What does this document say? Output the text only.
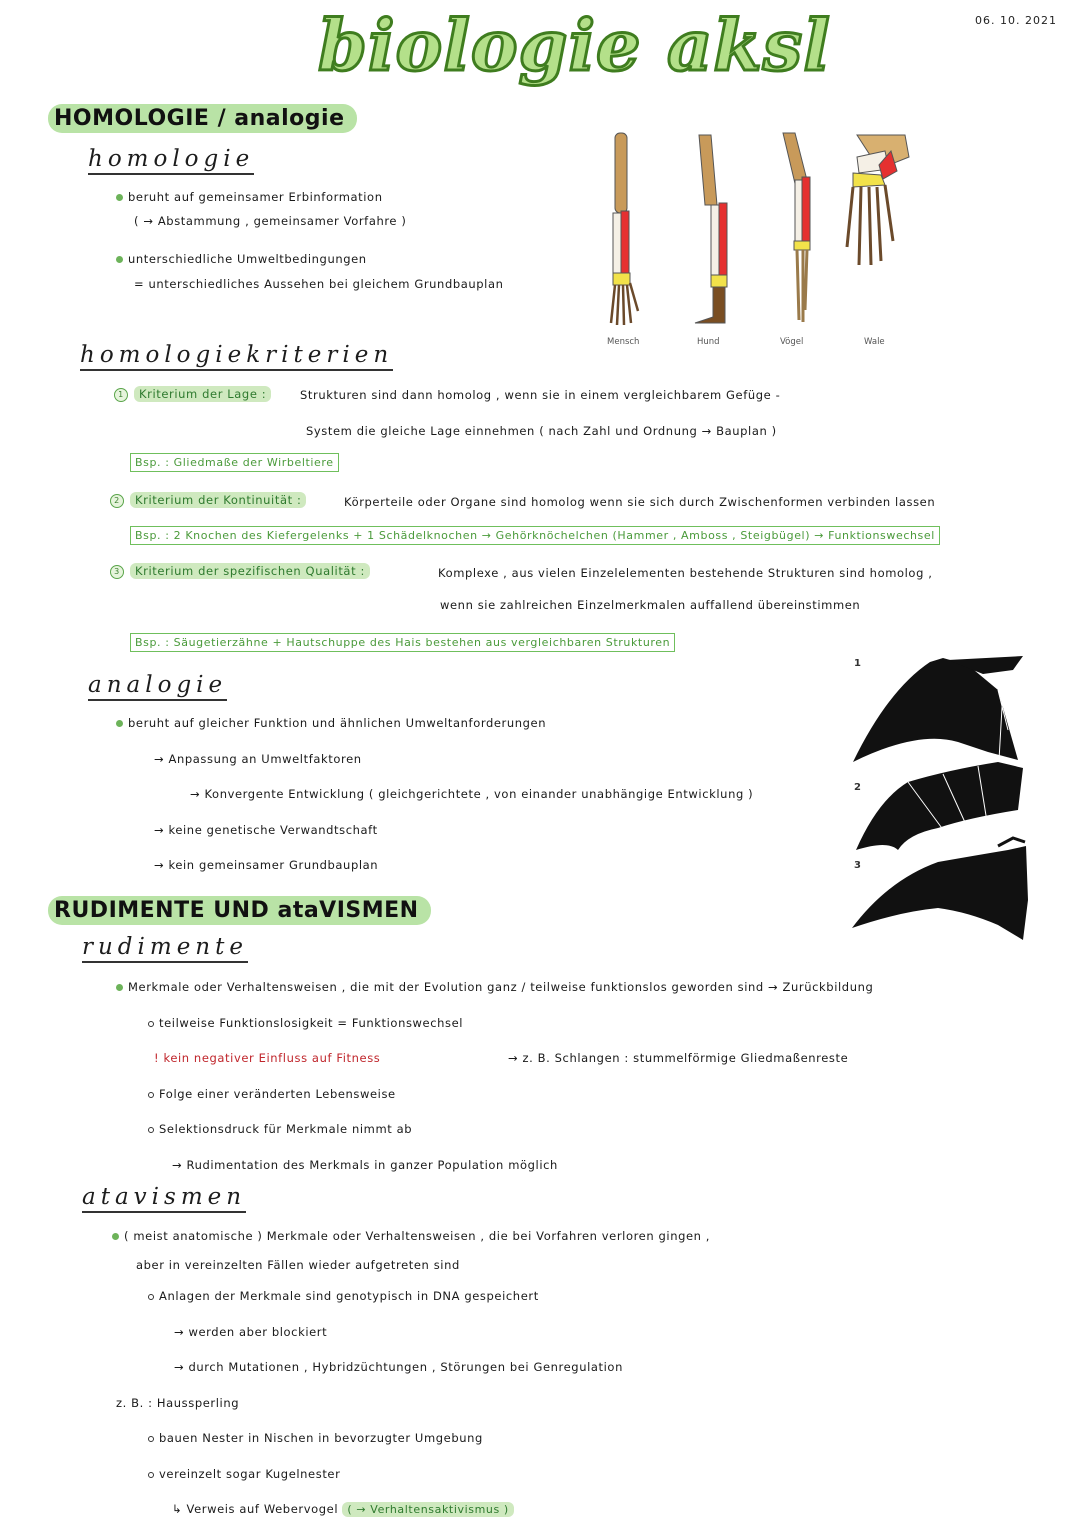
biologie aksl	06. 10. 2021
HOMOLOGIE / analogie
homologie
beruht auf gemeinsamer Erbinformation
( → Abstammung , gemeinsamer Vorfahre )
unterschiedliche Umweltbedingungen
= unterschiedliches Aussehen bei gleichem Grundbauplan
Mensch	Hund	Vögel	Wale
homologiekriterien
1 Kriterium der Lage :	Strukturen sind dann homolog , wenn sie in einem vergleichbarem Gefüge -
System die gleiche Lage einnehmen ( nach Zahl und Ordnung → Bauplan )
Bsp. : Gliedmaße der Wirbeltiere
2 Kriterium der Kontinuität :	Körperteile oder Organe sind homolog wenn sie sich durch Zwischenformen verbinden lassen
Bsp. : 2 Knochen des Kiefergelenks + 1 Schädelknochen → Gehörknöchelchen (Hammer , Amboss , Steigbügel) → Funktionswechsel
3 Kriterium der spezifischen Qualität :	Komplexe , aus vielen Einzelelementen bestehende Strukturen sind homolog ,
wenn sie zahlreichen Einzelmerkmalen auffallend übereinstimmen
Bsp. : Säugetierzähne + Hautschuppe des Hais bestehen aus vergleichbaren Strukturen
analogie
beruht auf gleicher Funktion und ähnlichen Umweltanforderungen
→ Anpassung an Umweltfaktoren
→ Konvergente Entwicklung ( gleichgerichtete , von einander unabhängige Entwicklung )
→ keine genetische Verwandtschaft
→ kein gemeinsamer Grundbauplan
1
2
3
RUDIMENTE UND ataVISMEN
rudimente
Merkmale oder Verhaltensweisen , die mit der Evolution ganz / teilweise funktionslos geworden sind → Zurückbildung
teilweise Funktionslosigkeit = Funktionswechsel
! kein negativer Einfluss auf Fitness	→ z. B. Schlangen : stummelförmige Gliedmaßenreste
Folge einer veränderten Lebensweise
Selektionsdruck für Merkmale nimmt ab
→ Rudimentation des Merkmals in ganzer Population möglich
atavismen
( meist anatomische ) Merkmale oder Verhaltensweisen , die bei Vorfahren verloren gingen ,
aber in vereinzelten Fällen wieder aufgetreten sind
Anlagen der Merkmale sind genotypisch in DNA gespeichert
→ werden aber blockiert
→ durch Mutationen , Hybridzüchtungen , Störungen bei Genregulation
z. B. : Haussperling
bauen Nester in Nischen in bevorzugter Umgebung
vereinzelt sogar Kugelnester
↳ Verweis auf Webervogel ( → Verhaltensaktivismus )
